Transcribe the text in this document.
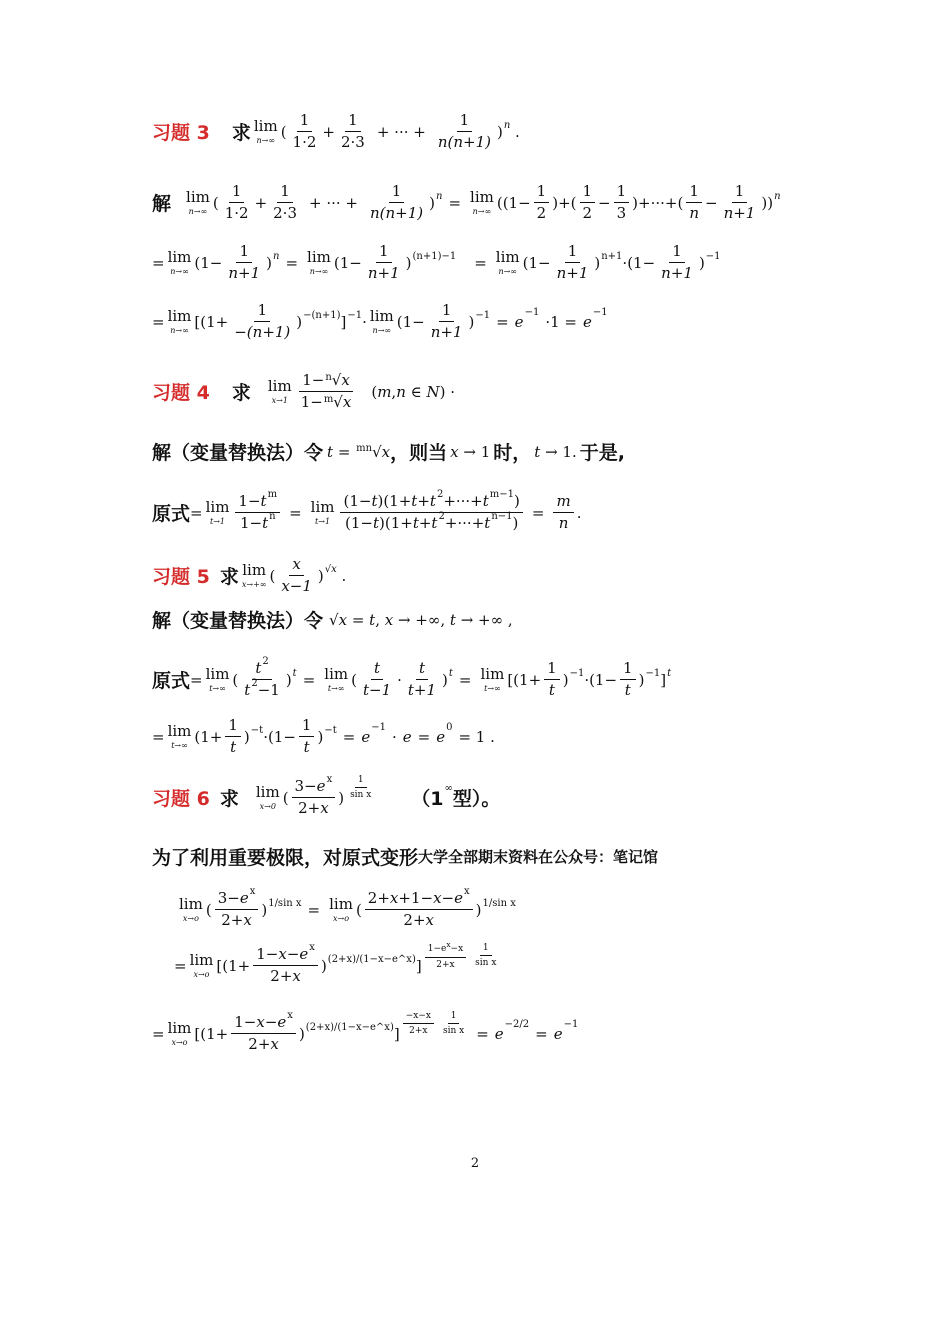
习题 3 求 lim
n→∞ ( $\frac{1}{1\cdot 2} + \frac{1}{2\cdot 3}$ + ··· + $\frac{1}{n(n+1)} )^n$ .
解 lim
n→∞ ( $\frac{1}{1\cdot 2} + \frac{1}{2\cdot 3}$ + ··· + $\frac{1}{n(n+1)} )^n = \lim$
n→∞ (($1- \frac{1}{2}$ )+( $\frac{1}{2} - \frac{1}{3}$ )+···+( $\frac{1}{n} - \frac{1}{n+1} ))^n$
= lim
n→∞ $(1- \frac{1}{n+1} )^n = \lim$
n→∞ $(1- \frac{1}{n+1} )^{(n+1)-1} = \lim$
n→∞ $(1- \frac{1}{n+1} )^{n+1} \cdot(1- \frac{1}{n+1} )^{-1}$
= lim
n→∞ $[(1+ \frac{1}{-(n+1)} )^{-(n+1)}]^{-1} \cdot \lim$
n→∞ $(1- \frac{1}{n+1} )^{-1} = e -1 \cdot 1 = e -1$
习题 4 求 lim
$x\to 1 \frac{1-^n√x}{1-^m√x} (m,n$ ∈ N) ·
解（变量替换法）令 t = $^{mn}$√x ，则当 x → 1 时， t → 1. 于是,
原式 = lim
$t\to 1 \frac{1-t^m}{1-t^n} = \lim$
$t\to 1 \frac{(1-t)(1+t+t^2+\cdot\cdot\cdot+t^{m-1})}{(1-t)(1+t+t^2+\cdot\cdot\cdot+t^{n-1})} = \frac{m}{n}$ .
习题 5 求 lim
x→+∞ ( $\frac{x}{x-1} )^{√x}$ .
解（变量替换法）令 √x = t, x → +∞, t → +∞ ,
原式 = lim
t→∞ ( $\frac{t^2}{t^2-1} )^t = \lim$
t→∞ ( $\frac{t}{t-1} \cdot \frac{t}{t+1} )^t = \lim$
t→∞ $[(1+ \frac{1}{t} )^{-1}\cdot(1- \frac{1}{t} )^{-1}]^t$
= lim
t→∞ $(1+ \frac{1}{t} )^{-t}\cdot(1- \frac{1}{t} )^{-t} = e -1 \cdot e = e$ 0 = 1 .
习题 6 求 lim
x→0 ( $\frac{3-e^x}{2+x}$ ) $\frac{1}{\text{sin x}} (1$ ∞ 型）。
为了利用重要极限，对原式变形 大学全部期末资料在公众号：笔记馆
lim
x→o ( $\frac{3-e^x}{2+x} )^{1/sin x} = \lim$
x→o ( $\frac{2+x+1-x-e^x}{2+x} )^{1/sin x}$
= lim
x→o $[(1+ \frac{1-x-e^x}{2+x} )^{(2+x)/(1-x-e\^{}x)}] \frac{1-e^x-x}{2+x} \frac{1}{\text{sin x}}$
= lim
x→o $[(1+ \frac{1-x-e^x}{2+x} )^{(2+x)/(1-x-e\^{}x)}] \frac{-x-x}{2+x} \frac{1}{\text{sin x}} = e -2/2 = e -1$
2
